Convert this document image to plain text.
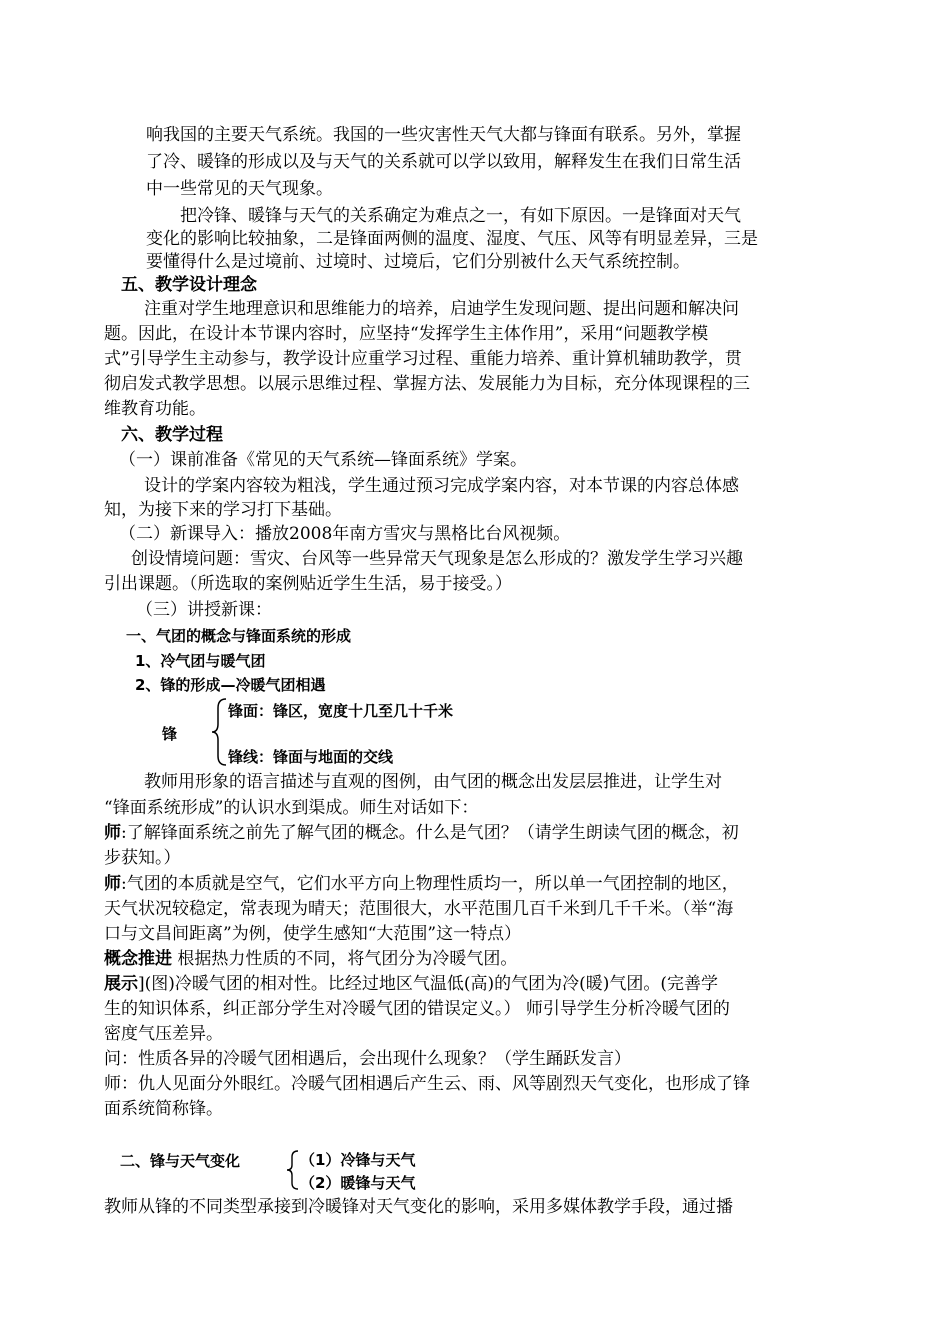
响我国的主要天气系统。我国的一些灾害性天气大都与锋面有联系。另外，掌握
了冷、暖锋的形成以及与天气的关系就可以学以致用，解释发生在我们日常生活
中一些常见的天气现象。
把冷锋、暖锋与天气的关系确定为难点之一，有如下原因。一是锋面对天气
变化的影响比较抽象，二是锋面两侧的温度、湿度、气压、风等有明显差异，三是
要懂得什么是过境前、过境时、过境后，它们分别被什么天气系统控制。
五、教学设计理念
注重对学生地理意识和思维能力的培养，启迪学生发现问题、提出问题和解决问
题。因此，在设计本节课内容时，应坚持“发挥学生主体作用”，采用“问题教学模
式”引导学生主动参与，教学设计应重学习过程、重能力培养、重计算机辅助教学，贯
彻启发式教学思想。以展示思维过程、掌握方法、发展能力为目标，充分体现课程的三
维教育功能。
六、教学过程
（一）课前准备《常见的天气系统—锋面系统》学案。
设计的学案内容较为粗浅，学生通过预习完成学案内容，对本节课的内容总体感
知，为接下来的学习打下基础。
（二）新课导入：播放2008年南方雪灾与黑格比台风视频。
创设情境问题：雪灾、台风等一些异常天气现象是怎么形成的？激发学生学习兴趣
引出课题。（所选取的案例贴近学生生活，易于接受。）
（三）讲授新课：
一、气团的概念与锋面系统的形成
1、冷气团与暖气团
2、锋的形成—冷暖气团相遇
锋
锋面：锋区，宽度十几至几十千米
锋线：锋面与地面的交线
教师用形象的语言描述与直观的图例，由气团的概念出发层层推进，让学生对
“锋面系统形成”的认识水到渠成。师生对话如下：
师:了解锋面系统之前先了解气团的概念。什么是气团？（请学生朗读气团的概念，初
步获知。）
师:气团的本质就是空气，它们水平方向上物理性质均一，所以单一气团控制的地区，
天气状况较稳定，常表现为晴天；范围很大，水平范围几百千米到几千千米。（举“海
口与文昌间距离”为例，使学生感知“大范围”这一特点）
概念推进 根据热力性质的不同，将气团分为冷暖气团。
展示](图)冷暖气团的相对性。比经过地区气温低(高)的气团为冷(暖)气团。(完善学
生的知识体系，纠正部分学生对冷暖气团的错误定义。） 师引导学生分析冷暖气团的
密度气压差异。
问：性质各异的冷暖气团相遇后，会出现什么现象？（学生踊跃发言）
师：仇人见面分外眼红。冷暖气团相遇后产生云、雨、风等剧烈天气变化，也形成了锋
面系统简称锋。
二、锋与天气变化	（1）冷锋与天气
（2）暖锋与天气
教师从锋的不同类型承接到冷暖锋对天气变化的影响，采用多媒体教学手段，通过播
